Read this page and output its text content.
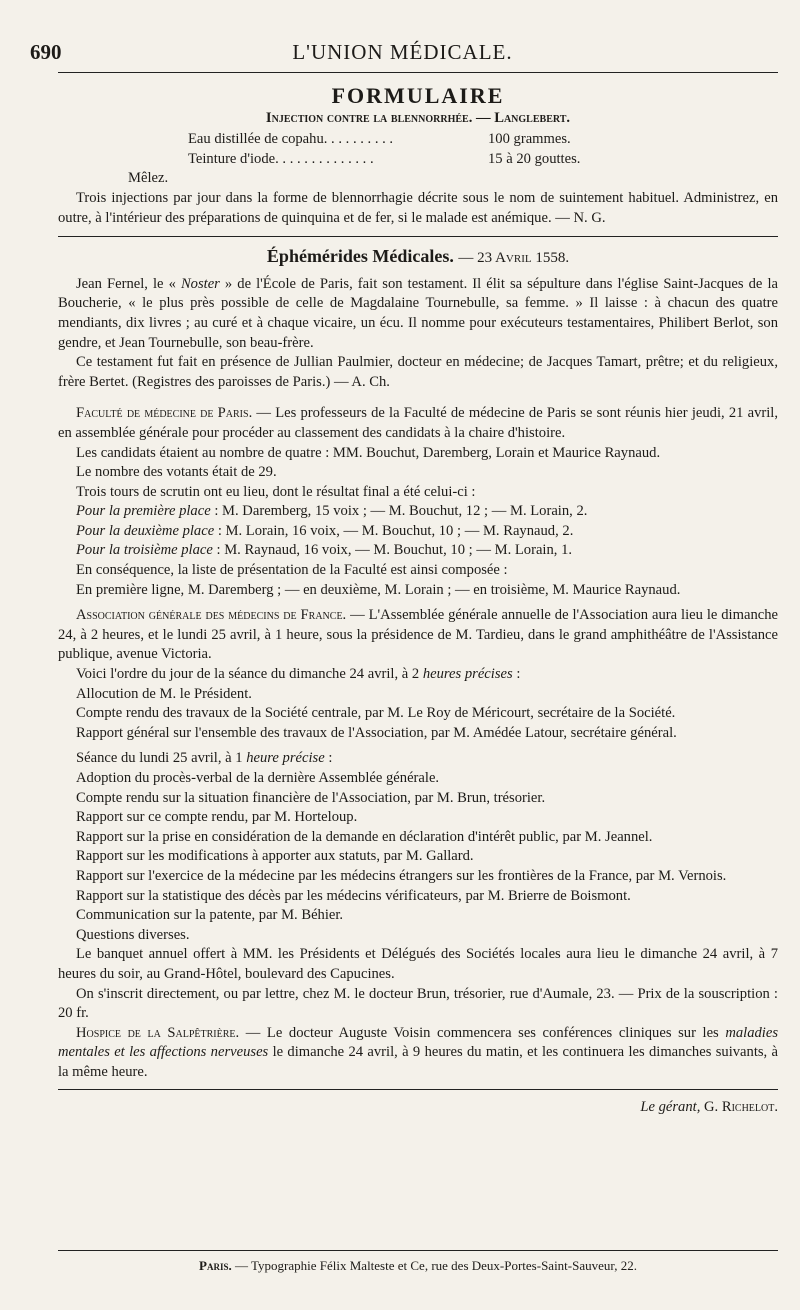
690	L'UNION MÉDICALE.
FORMULAIRE
Injection contre la blennorrhée. — Langlebert.
Eau distillée de copahu. . . . . . . . . .	100 grammes.
Teinture d'iode. . . . . . . . . . . . . .	15 à 20 gouttes.

Mêlez.

Trois injections par jour dans la forme de blennorrhagie décrite sous le nom de suintement habituel. Administrez, en outre, à l'intérieur des préparations de quinquina et de fer, si le malade est anémique. — N. G.

Éphémérides Médicales. — 23 Avril 1558.

Jean Fernel, le « Noster » de l'École de Paris, fait son testament. Il élit sa sépulture dans l'église Saint-Jacques de la Boucherie, « le plus près possible de celle de Magdalaine Tournebulle, sa femme. » Il laisse : à chacun des quatre mendiants, dix livres ; au curé et à chaque vicaire, un écu. Il nomme pour exécuteurs testamentaires, Philibert Berlot, son gendre, et Jean Tournebulle, son beau-frère.

Ce testament fut fait en présence de Jullian Paulmier, docteur en médecine; de Jacques Tamart, prêtre; et du religieux, frère Bertet. (Registres des paroisses de Paris.) — A. Ch.

Faculté de médecine de Paris. — Les professeurs de la Faculté de médecine de Paris se sont réunis hier jeudi, 21 avril, en assemblée générale pour procéder au classement des candidats à la chaire d'histoire.

Les candidats étaient au nombre de quatre : MM. Bouchut, Daremberg, Lorain et Maurice Raynaud.

Le nombre des votants était de 29.

Trois tours de scrutin ont eu lieu, dont le résultat final a été celui-ci :

Pour la première place : M. Daremberg, 15 voix ; — M. Bouchut, 12 ; — M. Lorain, 2.

Pour la deuxième place : M. Lorain, 16 voix, — M. Bouchut, 10 ; — M. Raynaud, 2.

Pour la troisième place : M. Raynaud, 16 voix, — M. Bouchut, 10 ; — M. Lorain, 1.

En conséquence, la liste de présentation de la Faculté est ainsi composée :

En première ligne, M. Daremberg ; — en deuxième, M. Lorain ; — en troisième, M. Maurice Raynaud.

Association générale des médecins de France. — L'Assemblée générale annuelle de l'Association aura lieu le dimanche 24, à 2 heures, et le lundi 25 avril, à 1 heure, sous la présidence de M. Tardieu, dans le grand amphithéâtre de l'Assistance publique, avenue Victoria.

Voici l'ordre du jour de la séance du dimanche 24 avril, à 2 heures précises :

Allocution de M. le Président.

Compte rendu des travaux de la Société centrale, par M. Le Roy de Méricourt, secrétaire de la Société.

Rapport général sur l'ensemble des travaux de l'Association, par M. Amédée Latour, secrétaire général.

Séance du lundi 25 avril, à 1 heure précise :

Adoption du procès-verbal de la dernière Assemblée générale.

Compte rendu sur la situation financière de l'Association, par M. Brun, trésorier.

Rapport sur ce compte rendu, par M. Horteloup.

Rapport sur la prise en considération de la demande en déclaration d'intérêt public, par M. Jeannel.

Rapport sur les modifications à apporter aux statuts, par M. Gallard.

Rapport sur l'exercice de la médecine par les médecins étrangers sur les frontières de la France, par M. Vernois.

Rapport sur la statistique des décès par les médecins vérificateurs, par M. Brierre de Boismont.

Communication sur la patente, par M. Béhier.

Questions diverses.

Le banquet annuel offert à MM. les Présidents et Délégués des Sociétés locales aura lieu le dimanche 24 avril, à 7 heures du soir, au Grand-Hôtel, boulevard des Capucines.

On s'inscrit directement, ou par lettre, chez M. le docteur Brun, trésorier, rue d'Aumale, 23. — Prix de la souscription : 20 fr.

Hospice de la Salpêtrière. — Le docteur Auguste Voisin commencera ses conférences cliniques sur les maladies mentales et les affections nerveuses le dimanche 24 avril, à 9 heures du matin, et les continuera les dimanches suivants, à la même heure.

Le gérant, G. Richelot.
Paris. — Typographie Félix Malteste et Ce, rue des Deux-Portes-Saint-Sauveur, 22.
